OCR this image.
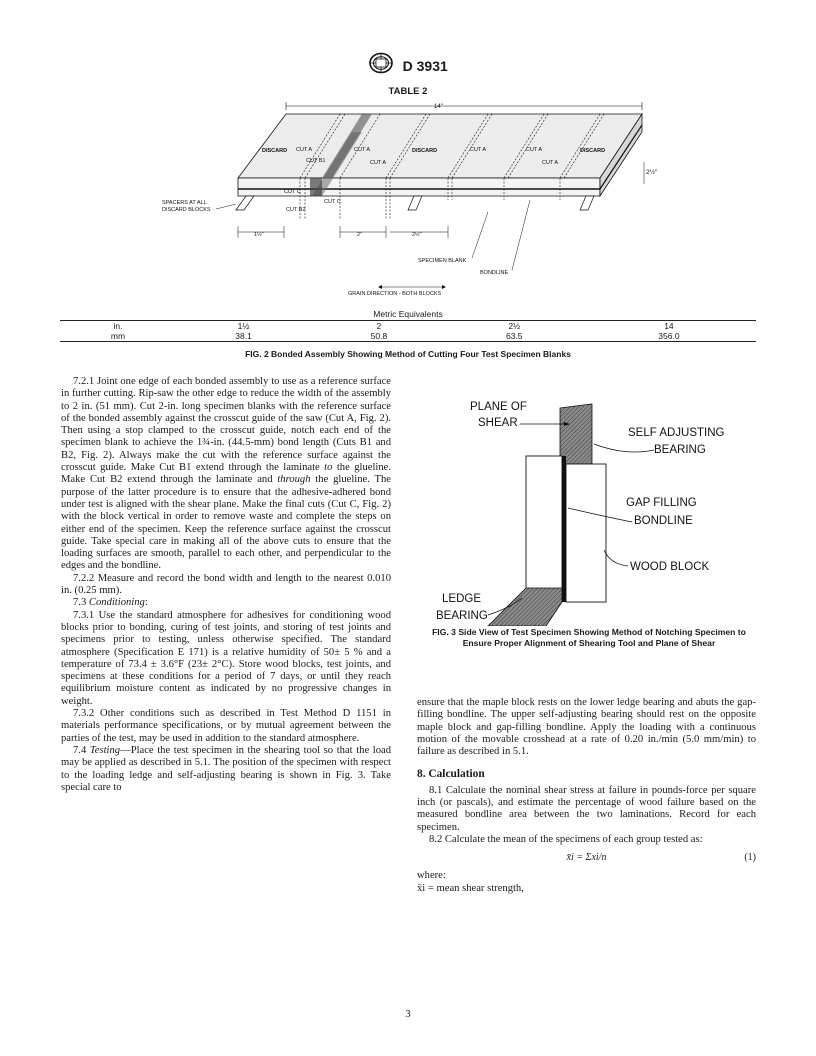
D 3931
TABLE 2
14"
DISCARD	DISCARD	DISCARD
CUT A	CUT A
CUT A
CUT A	CUT A
CUT A
CUT B1
CUT C
CUT C
CUT B2
SPACERS AT ALL
DISCARD BLOCKS
2½"
1½"	2"	2½"
SPECIMEN BLANK
BONDLINE
GRAIN DIRECTION - BOTH BLOCKS
Metric Equivalents

in.	1½	2	2½	14
mm	38.1	50.8	63.5	356.0
FIG. 2 Bonded Assembly Showing Method of Cutting Four Test Specimen Blanks

7.2.1 Joint one edge of each bonded assembly to use as a reference surface in further cutting. Rip-saw the other edge to reduce the width of the assembly to 2 in. (51 mm). Cut 2-in. long specimen blanks with the reference surface of the bonded assembly against the crosscut guide of the saw (Cut A, Fig. 2). Then using a stop clamped to the crosscut guide, notch each end of the specimen blank to achieve the 1¾-in. (44.5-mm) bond length (Cuts B1 and B2, Fig. 2). Always make the cut with the reference surface against the crosscut guide. Make Cut B1 extend through the laminate to the glueline. Make Cut B2 extend through the laminate and through the glueline. The purpose of the latter procedure is to ensure that the adhesive-adhered bond under test is aligned with the shear plane. Make the final cuts (Cut C, Fig. 2) with the block vertical in order to remove waste and complete the steps on either end of the specimen. Keep the reference surface against the crosscut guide. Take special care in making all of the above cuts to ensure that the loading surfaces are smooth, parallel to each other, and perpendicular to the edges and the bondline.

7.2.2 Measure and record the bond width and length to the nearest 0.010 in. (0.25 mm).

7.3 Conditioning:

7.3.1 Use the standard atmosphere for adhesives for conditioning wood blocks prior to bonding, curing of test joints, and storing of test joints and specimens prior to testing, unless otherwise specified. The standard atmosphere (Specification E 171) is a relative humidity of 50± 5 % and a temperature of 73.4 ± 3.6°F (23± 2°C). Store wood blocks, test joints, and specimens at these conditions for a period of 7 days, or until they reach equilibrium moisture content as indicated by no progressive changes in weight.

7.3.2 Other conditions such as described in Test Method D 1151 in materials performance specifications, or by mutual agreement between the parties of the test, may be used in addition to the standard atmosphere.

7.4 Testing—Place the test specimen in the shearing tool so that the load may be applied as described in 5.1. The position of the specimen with respect to the loading ledge and self-adjusting bearing is shown in Fig. 3. Take special care to

PLANE OF
SHEAR
SELF ADJUSTING
BEARING
GAP FILLING
BONDLINE
WOOD BLOCK
LEDGE
BEARING
FIG. 3 Side View of Test Specimen Showing Method of Notching Specimen to Ensure Proper Alignment of Shearing Tool and Plane of Shear

ensure that the maple block rests on the lower ledge bearing and abuts the gap-filling bondline. The upper self-adjusting bearing should rest on the opposite maple block and gap-filling bondline. Apply the loading with a continuous motion of the movable crosshead at a rate of 0.20 in./min (5.0 mm/min) to failure as described in 5.1.

8. Calculation

8.1 Calculate the nominal shear stress at failure in pounds-force per square inch (or pascals), and estimate the percentage of wood failure based on the measured bondline area between the two laminations. Record for each specimen.

8.2 Calculate the mean of the specimens of each group tested as:

x̄i = Σxi/n	(1)

where:

x̄i = mean shear strength,

3
